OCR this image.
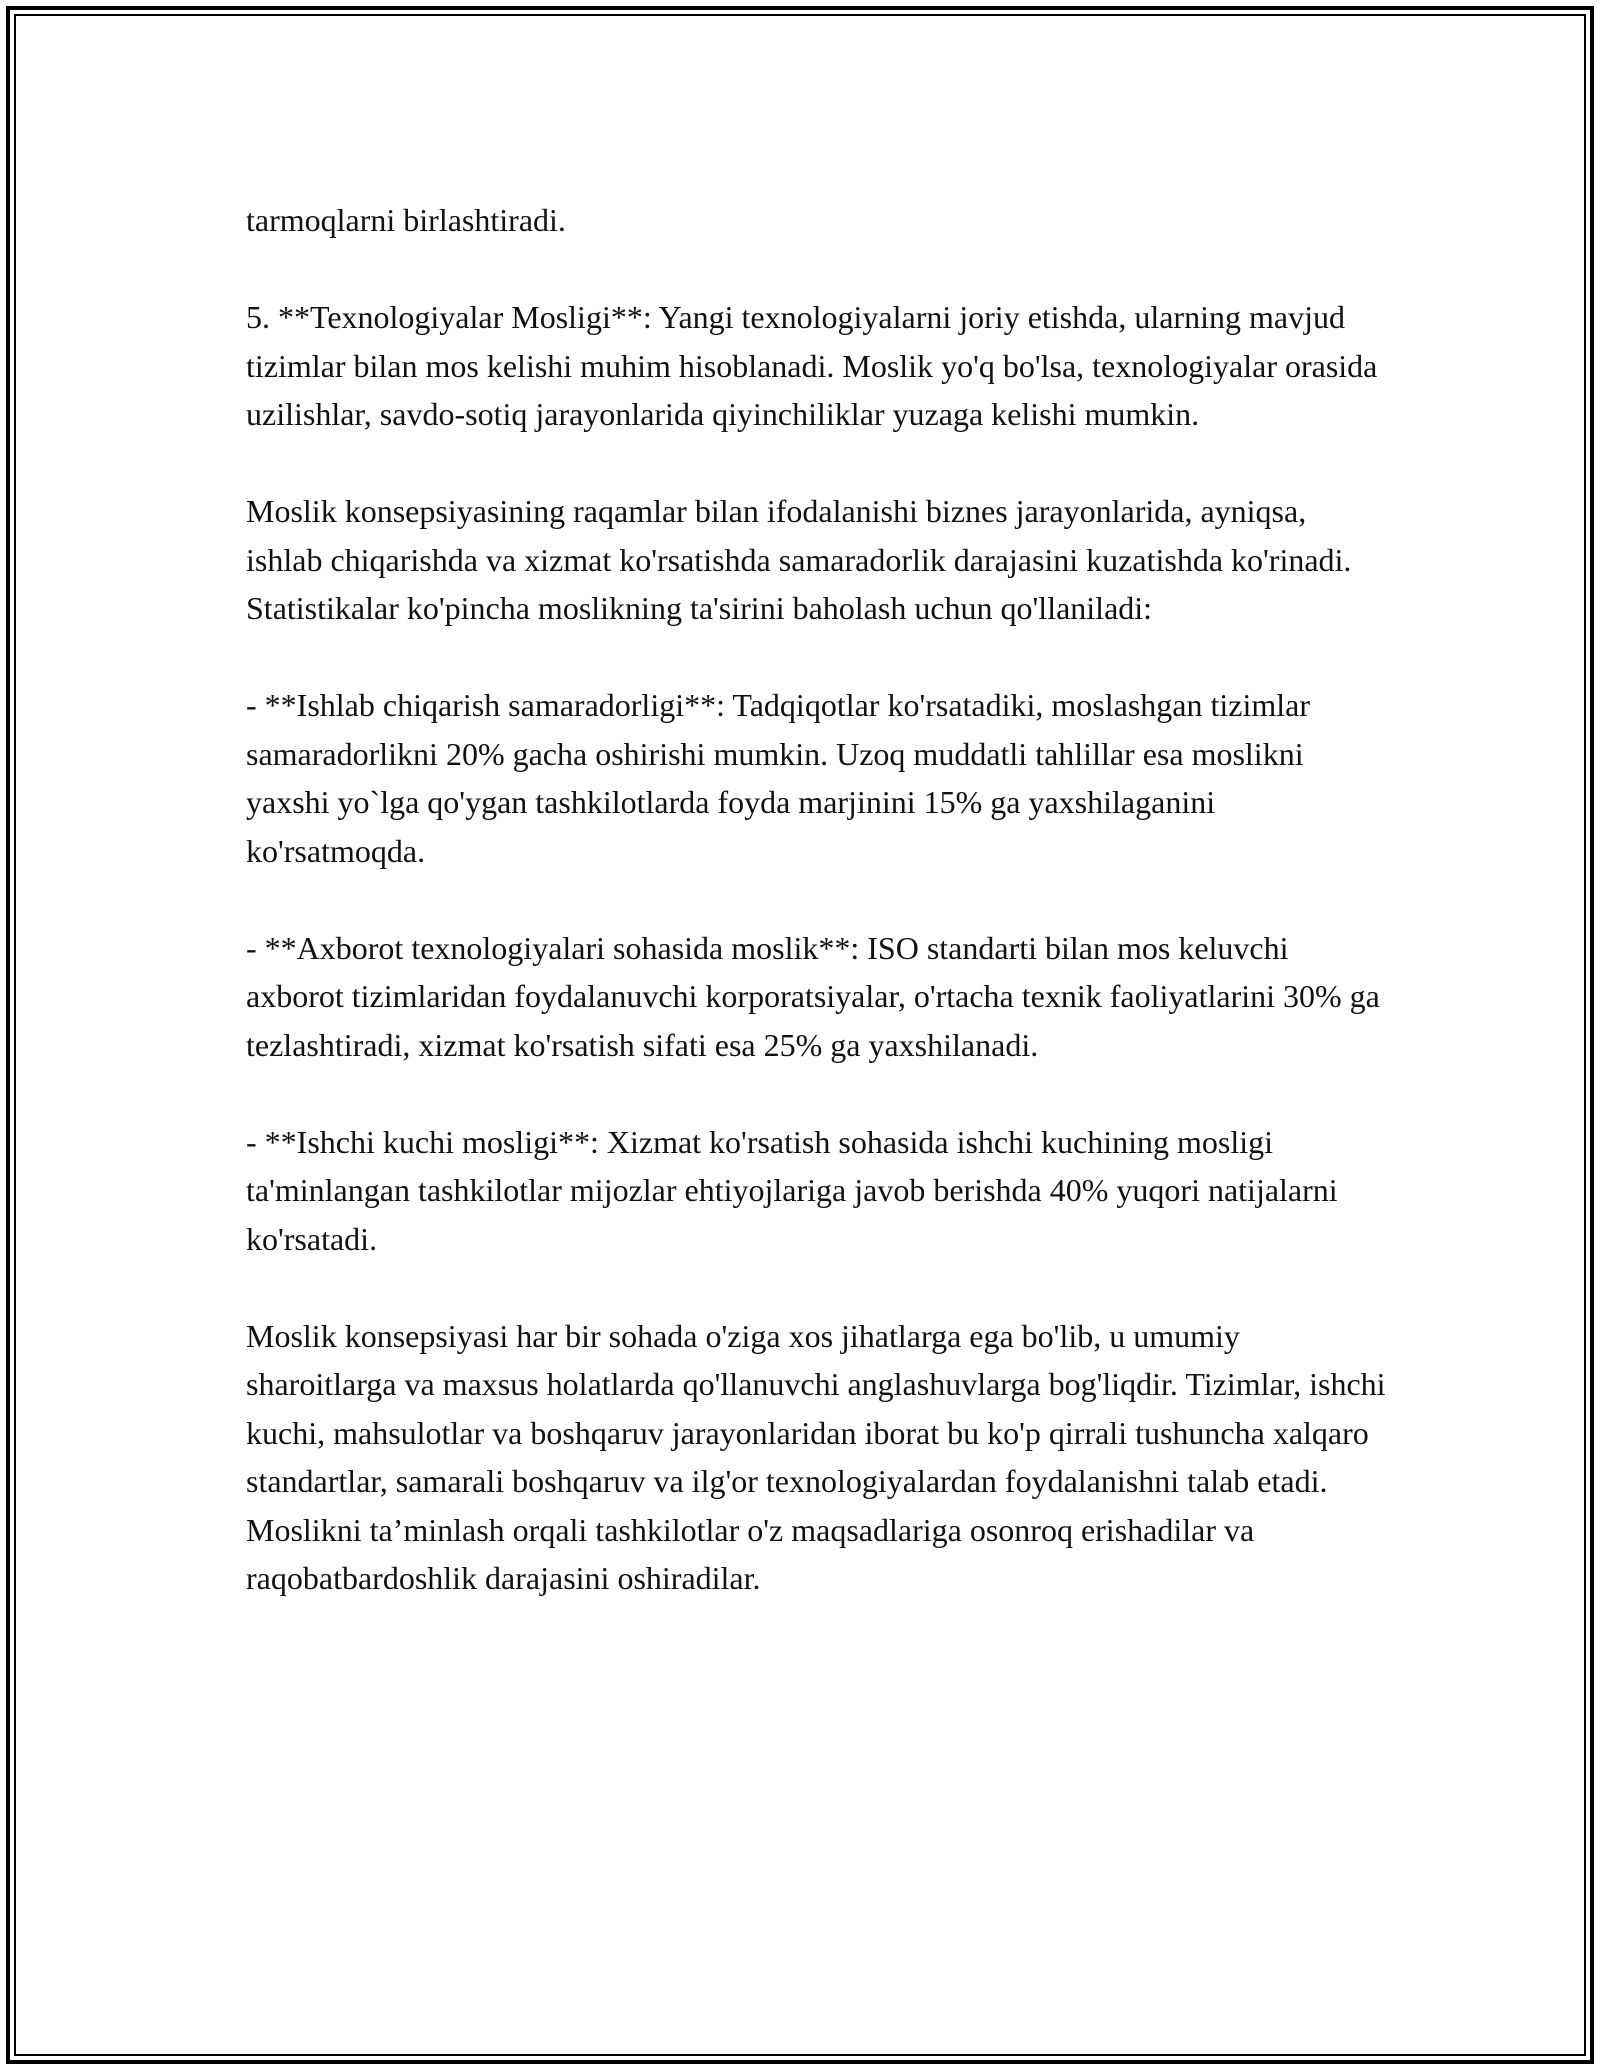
tarmoqlarni birlashtiradi.

5. **Texnologiyalar Mosligi**: Yangi texnologiyalarni joriy etishda, ularning mavjud tizimlar bilan mos kelishi muhim hisoblanadi. Moslik yo'q bo'lsa, texnologiyalar orasida uzilishlar, savdo-sotiq jarayonlarida qiyinchiliklar yuzaga kelishi mumkin.

Moslik konsepsiyasining raqamlar bilan ifodalanishi biznes jarayonlarida, ayniqsa, ishlab chiqarishda va xizmat ko'rsatishda samaradorlik darajasini kuzatishda ko'rinadi. Statistikalar ko'pincha moslikning ta'sirini baholash uchun qo'llaniladi:

- **Ishlab chiqarish samaradorligi**: Tadqiqotlar ko'rsatadiki, moslashgan tizimlar samaradorlikni 20% gacha oshirishi mumkin. Uzoq muddatli tahlillar esa moslikni yaxshi yo`lga qo'ygan tashkilotlarda foyda marjinini 15% ga yaxshilaganini ko'rsatmoqda.

- **Axborot texnologiyalari sohasida moslik**: ISO standarti bilan mos keluvchi axborot tizimlaridan foydalanuvchi korporatsiyalar, o'rtacha texnik faoliyatlarini 30% ga tezlashtiradi, xizmat ko'rsatish sifati esa 25% ga yaxshilanadi.

- **Ishchi kuchi mosligi**: Xizmat ko'rsatish sohasida ishchi kuchining mosligi ta'minlangan tashkilotlar mijozlar ehtiyojlariga javob berishda 40% yuqori natijalarni ko'rsatadi.

Moslik konsepsiyasi har bir sohada o'ziga xos jihatlarga ega bo'lib, u umumiy sharoitlarga va maxsus holatlarda qo'llanuvchi anglashuvlarga bog'liqdir. Tizimlar, ishchi kuchi, mahsulotlar va boshqaruv jarayonlaridan iborat bu ko'p qirrali tushuncha xalqaro standartlar, samarali boshqaruv va ilg'or texnologiyalardan foydalanishni talab etadi. Moslikni ta’minlash orqali tashkilotlar o'z maqsadlariga osonroq erishadilar va raqobatbardoshlik darajasini oshiradilar.
